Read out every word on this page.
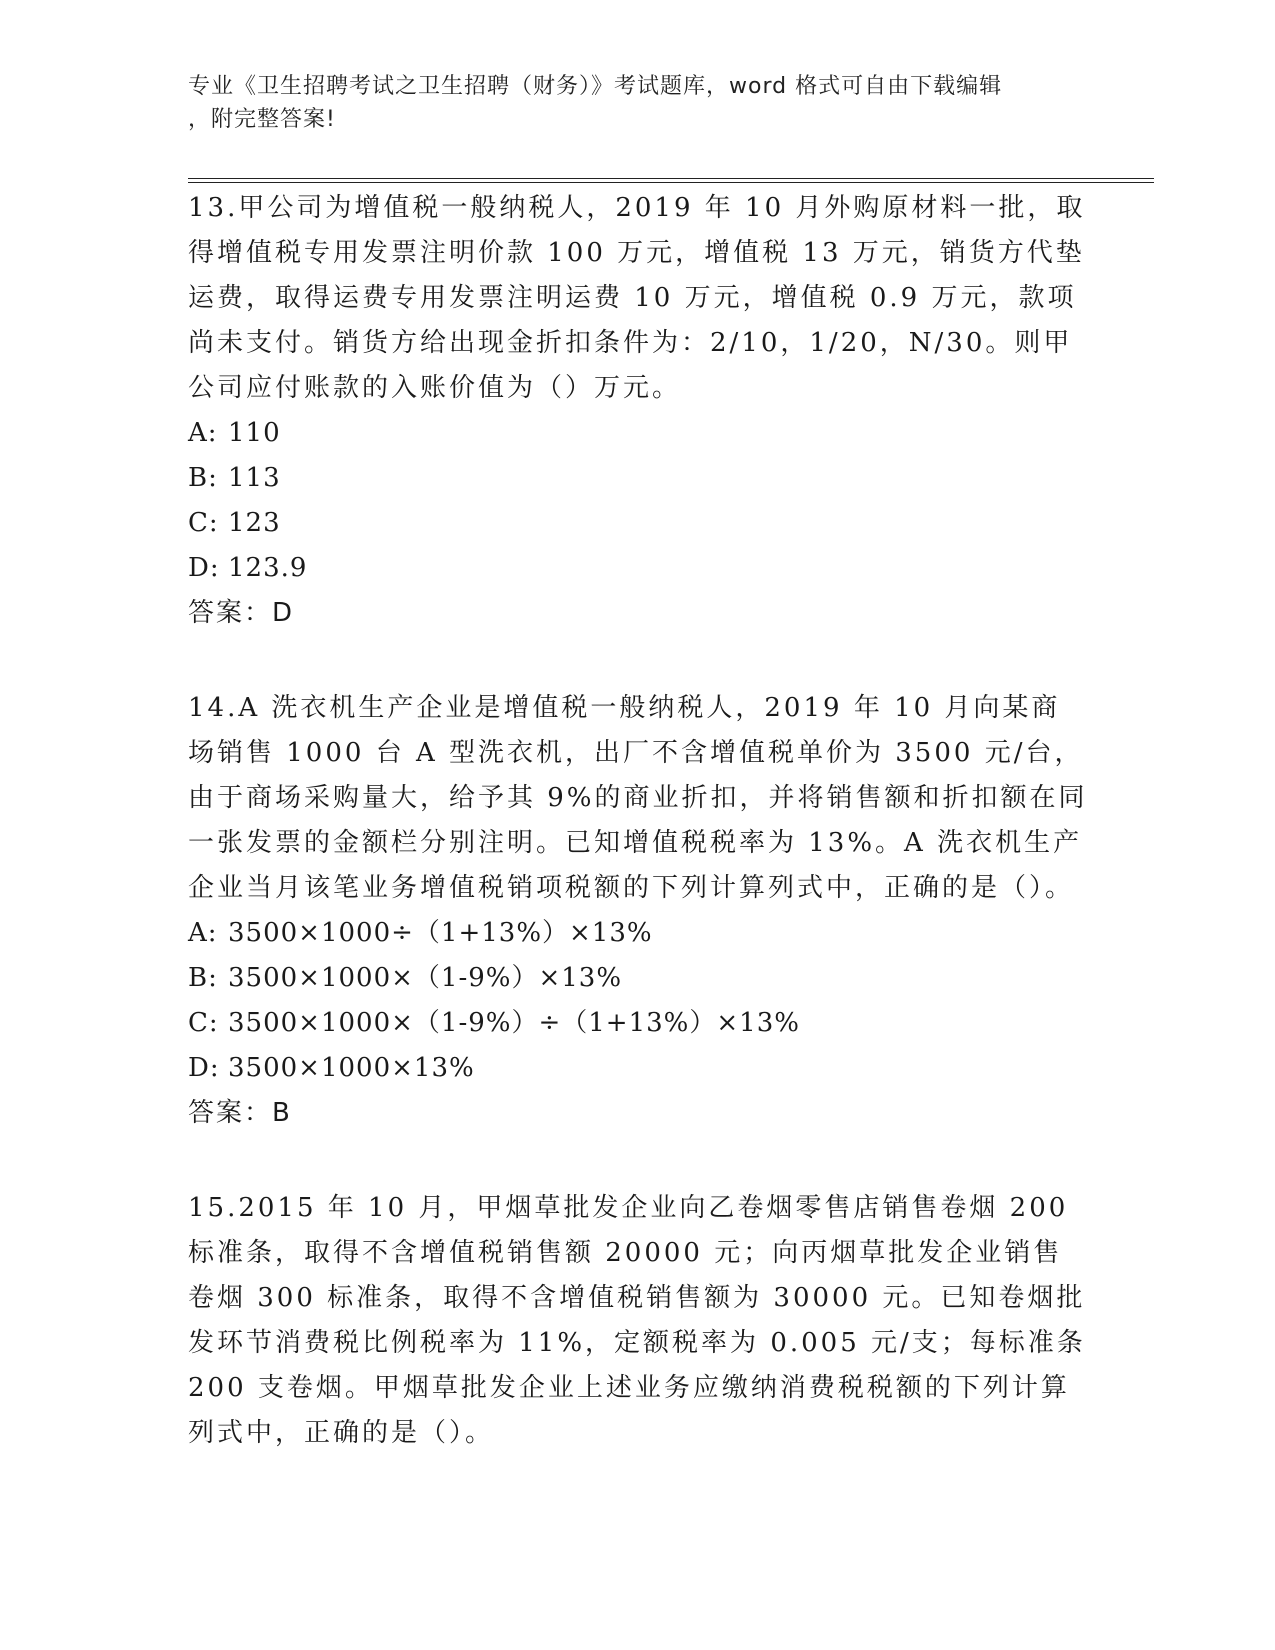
专业《卫生招聘考试之卫生招聘（财务）》考试题库，word 格式可自由下载编辑
，附完整答案!

13.甲公司为增值税一般纳税人，2019 年 10 月外购原材料一批，取得增值税专用发票注明价款 100 万元，增值税 13 万元，销货方代垫运费，取得运费专用发票注明运费 10 万元，增值税 0.9 万元，款项尚未支付。销货方给出现金折扣条件为：2/10，1/20，N/30。则甲公司应付账款的入账价值为（）万元。

A: 110

B: 113

C: 123

D: 123.9

答案：D

14.A 洗衣机生产企业是增值税一般纳税人，2019 年 10 月向某商场销售 1000 台 A 型洗衣机，出厂不含增值税单价为 3500 元/台，由于商场采购量大，给予其 9%的商业折扣，并将销售额和折扣额在同一张发票的金额栏分别注明。已知增值税税率为 13%。A 洗衣机生产企业当月该笔业务增值税销项税额的下列计算列式中，正确的是（）。

A: 3500×1000÷（1+13%）×13%

B: 3500×1000×（1-9%）×13%

C: 3500×1000×（1-9%）÷（1+13%）×13%

D: 3500×1000×13%

答案：B

15.2015 年 10 月，甲烟草批发企业向乙卷烟零售店销售卷烟 200 标准条，取得不含增值税销售额 20000 元；向丙烟草批发企业销售卷烟 300 标准条，取得不含增值税销售额为 30000 元。已知卷烟批发环节消费税比例税率为 11%，定额税率为 0.005 元/支；每标准条 200 支卷烟。甲烟草批发企业上述业务应缴纳消费税税额的下列计算列式中，正确的是（）。
